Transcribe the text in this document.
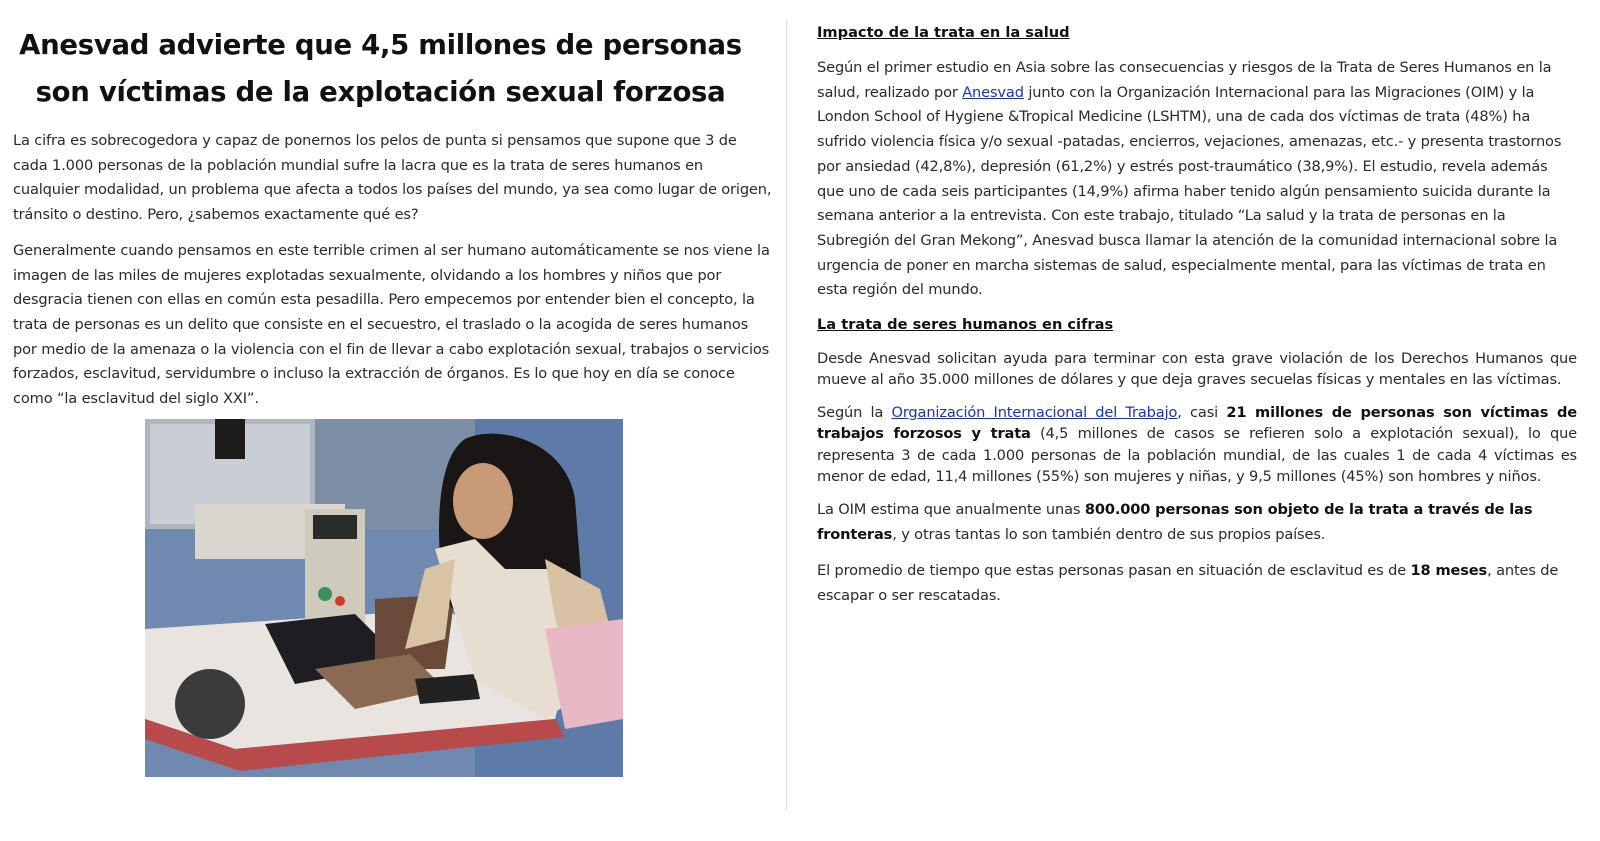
Anesvad advierte que 4,5 millones de personas son víctimas de la explotación sexual forzosa

La cifra es sobrecogedora y capaz de ponernos los pelos de punta si pensamos que supone que 3 de cada 1.000 personas de la población mundial sufre la lacra que es la trata de seres humanos en cualquier modalidad, un problema que afecta a todos los países del mundo, ya sea como lugar de origen, tránsito o destino. Pero, ¿sabemos exactamente qué es?

Generalmente cuando pensamos en este terrible crimen al ser humano automáticamente se nos viene la imagen de las miles de mujeres explotadas sexualmente, olvidando a los hombres y niños que por desgracia tienen con ellas en común esta pesadilla. Pero empecemos por entender bien el concepto, la trata de personas es un delito que consiste en el secuestro, el traslado o la acogida de seres humanos por medio de la amenaza o la violencia con el fin de llevar a cabo explotación sexual, trabajos o servicios forzados, esclavitud, servidumbre o incluso la extracción de órganos. Es lo que hoy en día se conoce como “la esclavitud del siglo XXI”.

Impacto de la trata en la salud

Según el primer estudio en Asia sobre las consecuencias y riesgos de la Trata de Seres Humanos en la salud, realizado por Anesvad junto con la Organización Internacional para las Migraciones (OIM) y la London School of Hygiene &Tropical Medicine (LSHTM), una de cada dos víctimas de trata (48%) ha sufrido violencia física y/o sexual -patadas, encierros, vejaciones, amenazas, etc.- y presenta trastornos por ansiedad (42,8%), depresión (61,2%) y estrés post-traumático (38,9%). El estudio, revela además que uno de cada seis participantes (14,9%) afirma haber tenido algún pensamiento suicida durante la semana anterior a la entrevista. Con este trabajo, titulado “La salud y la trata de personas en la Subregión del Gran Mekong”, Anesvad busca llamar la atención de la comunidad internacional sobre la urgencia de poner en marcha sistemas de salud, especialmente mental, para las víctimas de trata en esta región del mundo.

La trata de seres humanos en cifras

Desde Anesvad solicitan ayuda para terminar con esta grave violación de los Derechos Humanos que mueve al año 35.000 millones de dólares y que deja graves secuelas físicas y mentales en las víctimas.

Según la Organización Internacional del Trabajo, casi 21 millones de personas son víctimas de trabajos forzosos y trata (4,5 millones de casos se refieren solo a explotación sexual), lo que representa 3 de cada 1.000 personas de la población mundial, de las cuales 1 de cada 4 víctimas es menor de edad, 11,4 millones (55%) son mujeres y niñas, y 9,5 millones (45%) son hombres y niños.

La OIM estima que anualmente unas 800.000 personas son objeto de la trata a través de las fronteras, y otras tantas lo son también dentro de sus propios países.

El promedio de tiempo que estas personas pasan en situación de esclavitud es de 18 meses, antes de escapar o ser rescatadas.
